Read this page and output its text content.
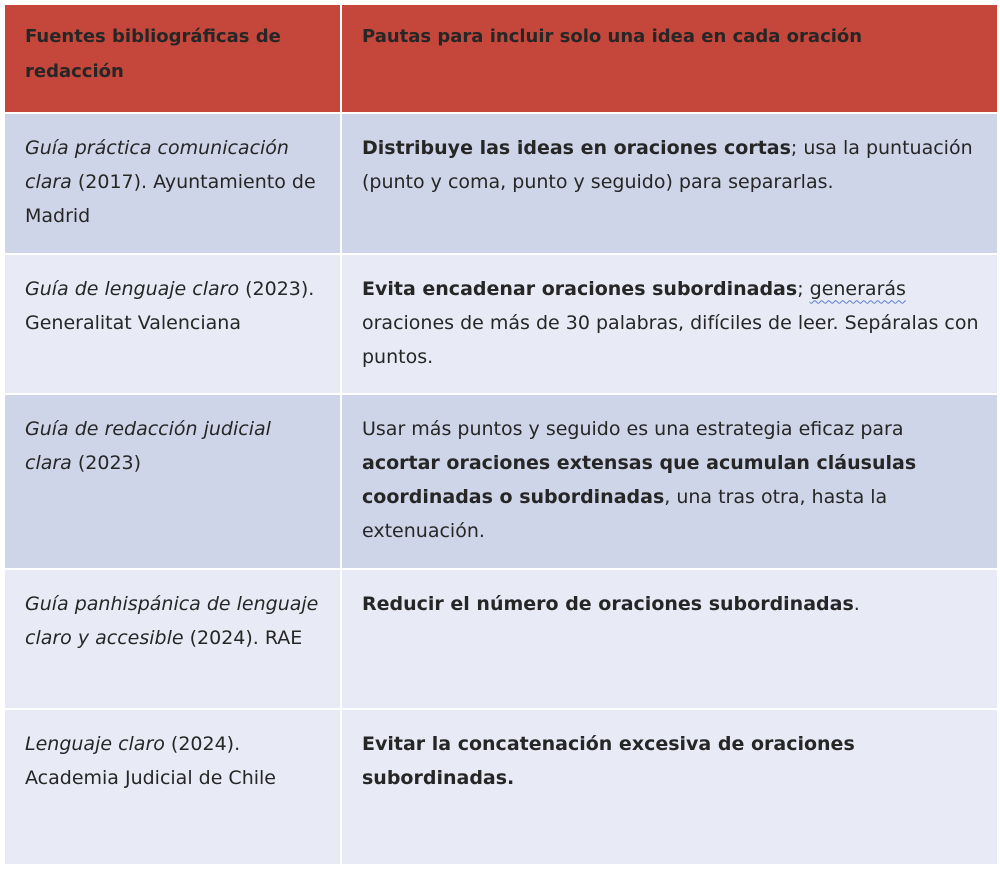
Fuentes bibliográficas de redacción	Pautas para incluir solo una idea en cada oración
Guía práctica comunicación clara (2017). Ayuntamiento de Madrid	Distribuye las ideas en oraciones cortas; usa la puntuación (punto y coma, punto y seguido) para separarlas.
Guía de lenguaje claro (2023). Generalitat Valenciana	Evita encadenar oraciones subordinadas; generarás oraciones de más de 30 palabras, difíciles de leer. Sepáralas con puntos.
Guía de redacción judicial clara (2023)	Usar más puntos y seguido es una estrategia eficaz para acortar oraciones extensas que acumulan cláusulas coordinadas o subordinadas, una tras otra, hasta la extenuación.
Guía panhispánica de lenguaje claro y accesible (2024). RAE	Reducir el número de oraciones subordinadas.
Lenguaje claro (2024). Academia Judicial de Chile	Evitar la concatenación excesiva de oraciones subordinadas.
